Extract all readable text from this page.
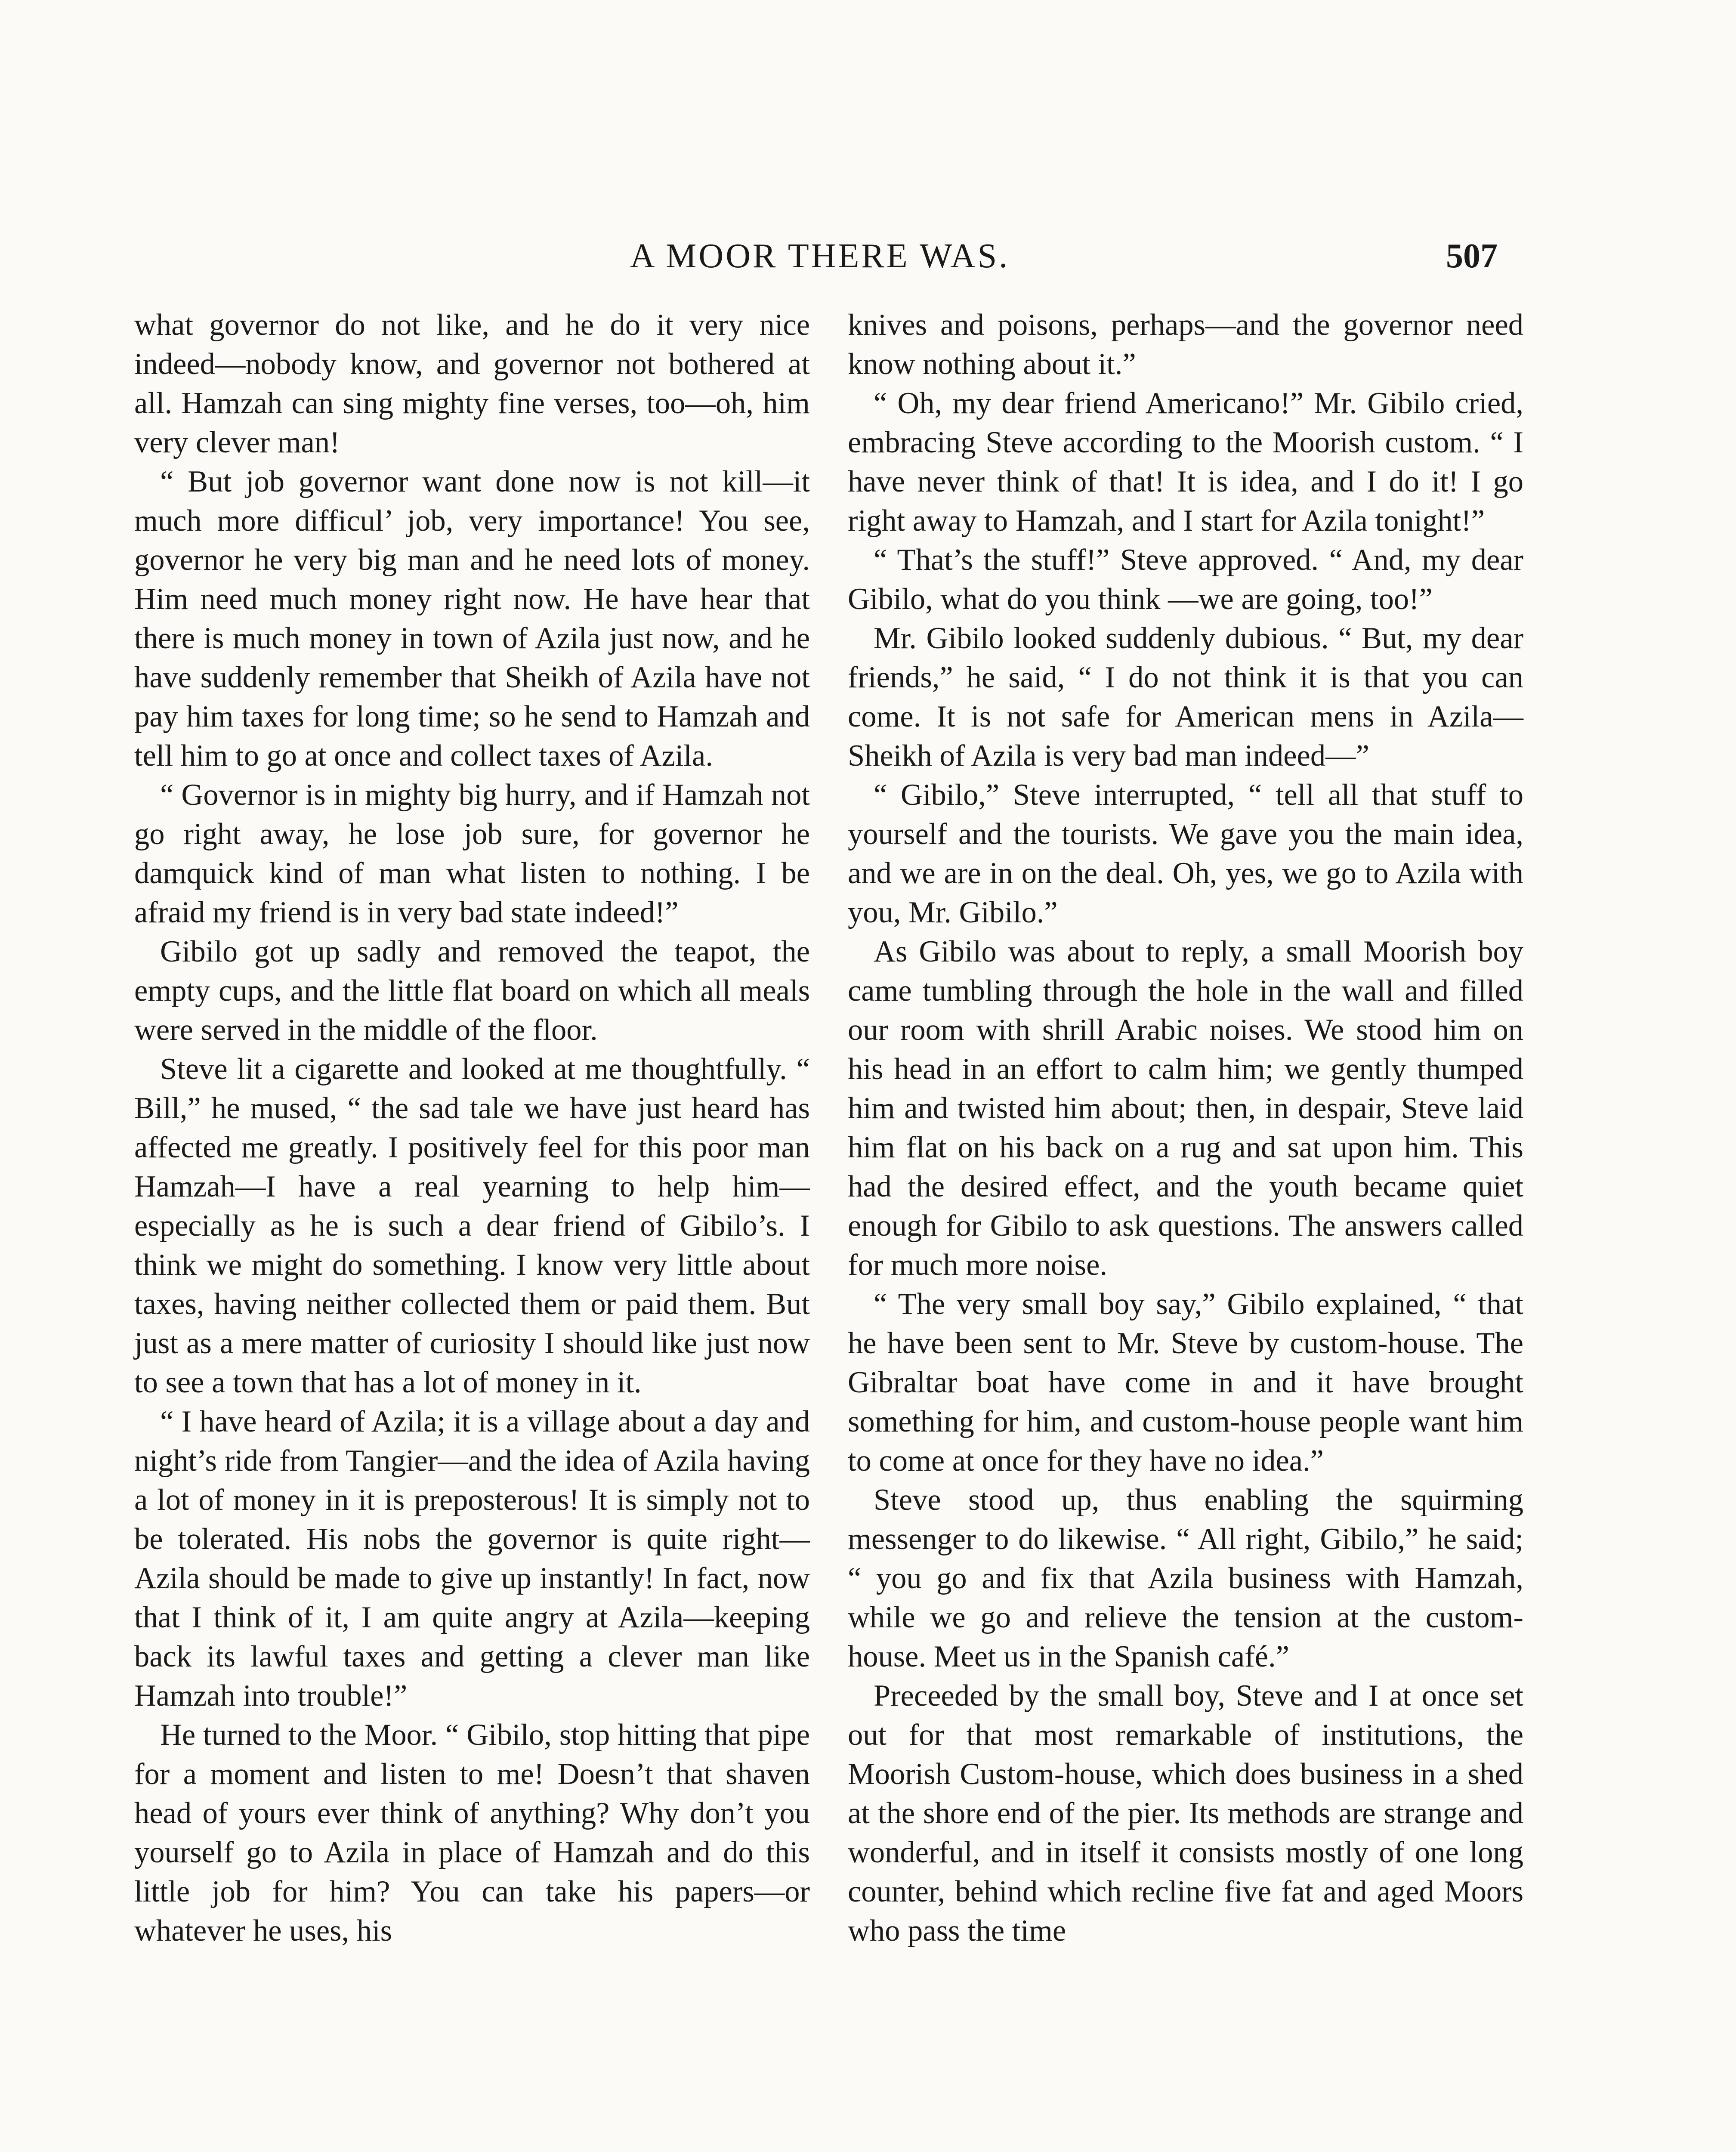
A MOOR THERE WAS.	507

what governor do not like, and he do it very nice indeed—nobody know, and governor not bothered at all. Hamzah can sing mighty fine verses, too—oh, him very clever man!

“ But job governor want done now is not kill—it much more difficul’ job, very importance! You see, governor he very big man and he need lots of money. Him need much money right now. He have hear that there is much money in town of Azila just now, and he have suddenly remember that Sheikh of Azila have not pay him taxes for long time; so he send to Hamzah and tell him to go at once and collect taxes of Azila.

“ Governor is in mighty big hurry, and if Hamzah not go right away, he lose job sure, for governor he damquick kind of man what listen to nothing. I be afraid my friend is in very bad state indeed!”

Gibilo got up sadly and removed the teapot, the empty cups, and the little flat board on which all meals were served in the middle of the floor.

Steve lit a cigarette and looked at me thoughtfully. “ Bill,” he mused, “ the sad tale we have just heard has affected me greatly. I positively feel for this poor man Hamzah—I have a real yearning to help him—especially as he is such a dear friend of Gibilo’s. I think we might do something. I know very little about taxes, having neither collected them or paid them. But just as a mere matter of curiosity I should like just now to see a town that has a lot of money in it.

“ I have heard of Azila; it is a village about a day and night’s ride from Tangier—and the idea of Azila having a lot of money in it is preposterous! It is simply not to be tolerated. His nobs the governor is quite right—Azila should be made to give up instantly! In fact, now that I think of it, I am quite angry at Azila—keeping back its lawful taxes and getting a clever man like Hamzah into trouble!”

He turned to the Moor. “ Gibilo, stop hitting that pipe for a moment and listen to me! Doesn’t that shaven head of yours ever think of anything? Why don’t you yourself go to Azila in place of Hamzah and do this little job for him? You can take his papers—or whatever he uses, his

knives and poisons, perhaps—and the governor need know nothing about it.”

“ Oh, my dear friend Americano!” Mr. Gibilo cried, embracing Steve according to the Moorish custom. “ I have never think of that! It is idea, and I do it! I go right away to Hamzah, and I start for Azila tonight!”

“ That’s the stuff!” Steve approved. “ And, my dear Gibilo, what do you think —we are going, too!”

Mr. Gibilo looked suddenly dubious. “ But, my dear friends,” he said, “ I do not think it is that you can come. It is not safe for American mens in Azila—Sheikh of Azila is very bad man indeed—”

“ Gibilo,” Steve interrupted, “ tell all that stuff to yourself and the tourists. We gave you the main idea, and we are in on the deal. Oh, yes, we go to Azila with you, Mr. Gibilo.”

As Gibilo was about to reply, a small Moorish boy came tumbling through the hole in the wall and filled our room with shrill Arabic noises. We stood him on his head in an effort to calm him; we gently thumped him and twisted him about; then, in despair, Steve laid him flat on his back on a rug and sat upon him. This had the desired effect, and the youth became quiet enough for Gibilo to ask questions. The answers called for much more noise.

“ The very small boy say,” Gibilo explained, “ that he have been sent to Mr. Steve by custom-house. The Gibraltar boat have come in and it have brought something for him, and custom-house people want him to come at once for they have no idea.”

Steve stood up, thus enabling the squirming messenger to do likewise. “ All right, Gibilo,” he said; “ you go and fix that Azila business with Hamzah, while we go and relieve the tension at the custom-house. Meet us in the Spanish café.”

Preceeded by the small boy, Steve and I at once set out for that most remarkable of institutions, the Moorish Custom-house, which does business in a shed at the shore end of the pier. Its methods are strange and wonderful, and in itself it consists mostly of one long counter, behind which recline five fat and aged Moors who pass the time
